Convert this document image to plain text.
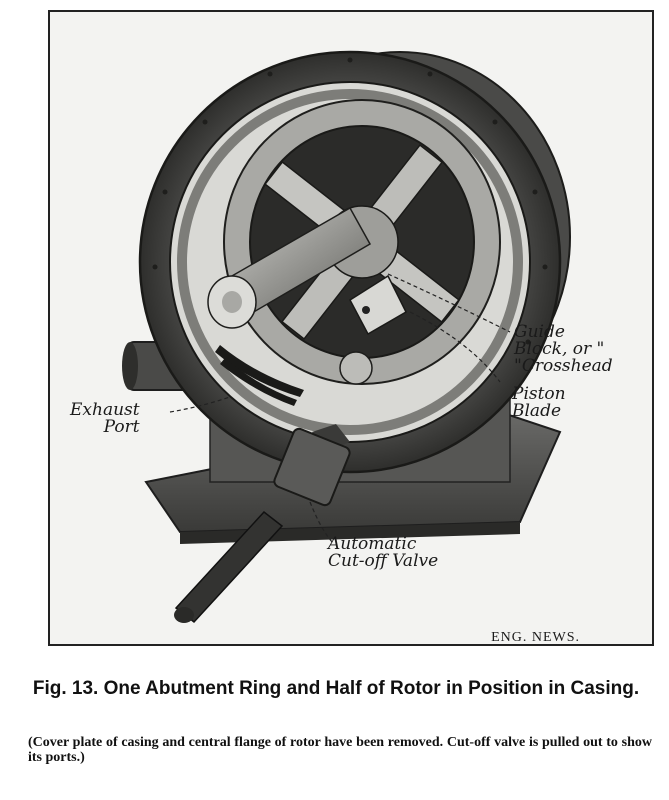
Guide
Block, or "
"Crosshead
Piston
Blade
Exhaust
Port
Automatic
Cut-off Valve
ENG. NEWS.
Fig. 13. One Abutment Ring and Half of Rotor in Position in Casing.
(Cover plate of casing and central flange of rotor have been removed. Cut-off valve is pulled out to show its ports.)
